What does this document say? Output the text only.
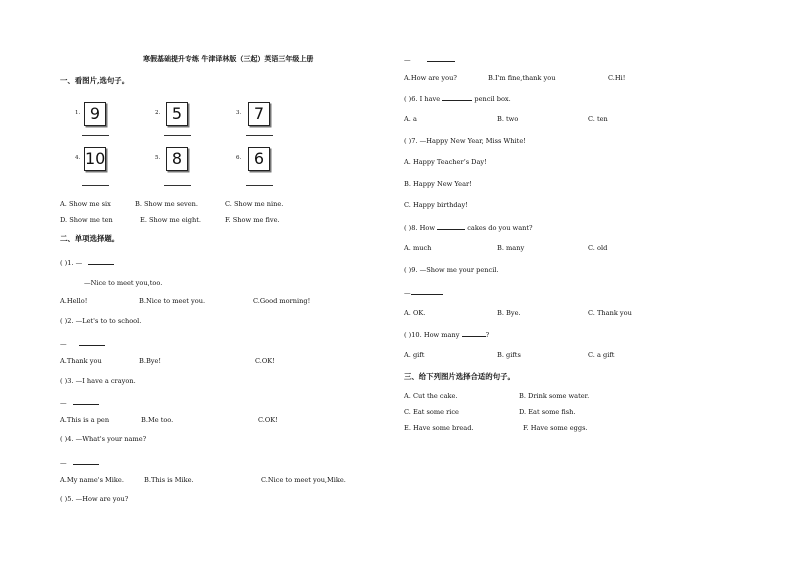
寒假基础提升专练 牛津译林版（三起）英语三年级上册
一、看图片,选句子。
1. 9	2. 5	3. 7
4. 10	5. 8	6. 6
A. Show me six	B. Show me seven.	C. Show me nine.
D. Show me ten	E. Show me eight.	F. Show me five.
二、单项选择题。
( )1. —
—Nice to meet you,too.
A.Hello!	B.Nice to meet you.	C.Good morning!
( )2. —Let's to to school.
—
A.Thank you	B.Bye!	C.OK!
( )3. —I have a crayon.
—
A.This is a pen	B.Me too.	C.OK!
( )4. —What's your name?
—
A.My name's Mike.	B.This is Mike.	C.Nice to meet you,Mike.
( )5. —How are you?
—
A.How are you?	B.I'm fine,thank you	C.Hi!
( )6. I have	pencil box.
A. a	B. two	C. ten
( )7. —Happy New Year, Miss White!
A. Happy Teacher’s Day!
B. Happy New Year!
C. Happy birthday!
( )8. How	cakes do you want?
A. much	B. many	C. old
( )9. —Show me your pencil.
—
A. OK.	B. Bye.	C. Thank you
( )10. How many	?
A. gift	B. gifts	C. a gift
三、给下列图片选择合适的句子。
A. Cut the cake.	B. Drink some water.
C. Eat some rice	D. Eat some fish.
E. Have some bread.	F. Have some eggs.
